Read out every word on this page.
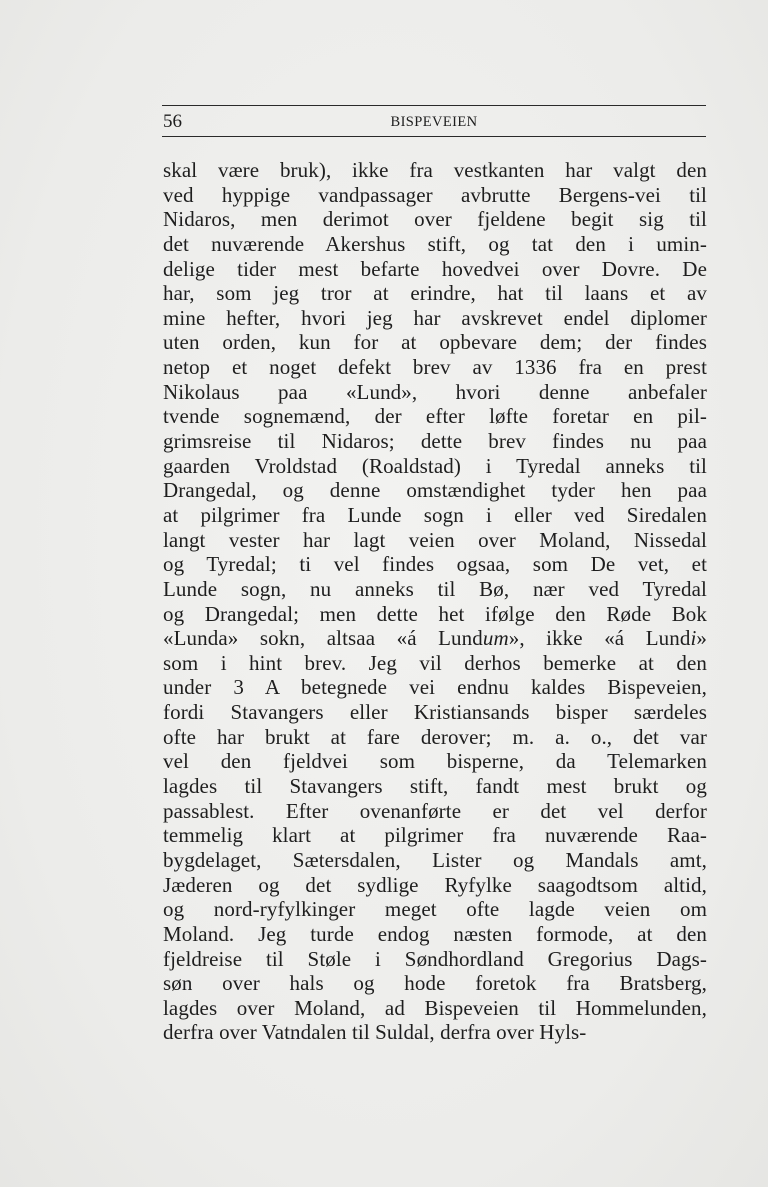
56	BISPEVEIEN
skal være bruk), ikke fra vestkanten har valgt den
ved hyppige vandpassager avbrutte Bergens-vei til
Nidaros, men derimot over fjeldene begit sig til
det nuværende Akershus stift, og tat den i umin-
delige tider mest befarte hovedvei over Dovre. De
har, som jeg tror at erindre, hat til laans et av
mine hefter, hvori jeg har avskrevet endel diplomer
uten orden, kun for at opbevare dem; der findes
netop et noget defekt brev av 1336 fra en prest
Nikolaus paa «Lund», hvori denne anbefaler
tvende sognemænd, der efter løfte foretar en pil-
grimsreise til Nidaros; dette brev findes nu paa
gaarden Vroldstad (Roaldstad) i Tyredal anneks til
Drangedal, og denne omstændighet tyder hen paa
at pilgrimer fra Lunde sogn i eller ved Siredalen
langt vester har lagt veien over Moland, Nissedal
og Tyredal; ti vel findes ogsaa, som De vet, et
Lunde sogn, nu anneks til Bø, nær ved Tyredal
og Drangedal; men dette het ifølge den Røde Bok
«Lunda» sokn, altsaa «á Lundum», ikke «á Lundi»
som i hint brev. Jeg vil derhos bemerke at den
under 3 A betegnede vei endnu kaldes Bispeveien,
fordi Stavangers eller Kristiansands bisper særdeles
ofte har brukt at fare derover; m. a. o., det var
vel den fjeldvei som bisperne, da Telemarken
lagdes til Stavangers stift, fandt mest brukt og
passablest. Efter ovenanførte er det vel derfor
temmelig klart at pilgrimer fra nuværende Raa-
bygdelaget, Sætersdalen, Lister og Mandals amt,
Jæderen og det sydlige Ryfylke saagodtsom altid,
og nord-ryfylkinger meget ofte lagde veien om
Moland. Jeg turde endog næsten formode, at den
fjeldreise til Støle i Søndhordland Gregorius Dags-
søn over hals og hode foretok fra Bratsberg,
lagdes over Moland, ad Bispeveien til Hommelunden,
derfra over Vatndalen til Suldal, derfra over Hyls-
